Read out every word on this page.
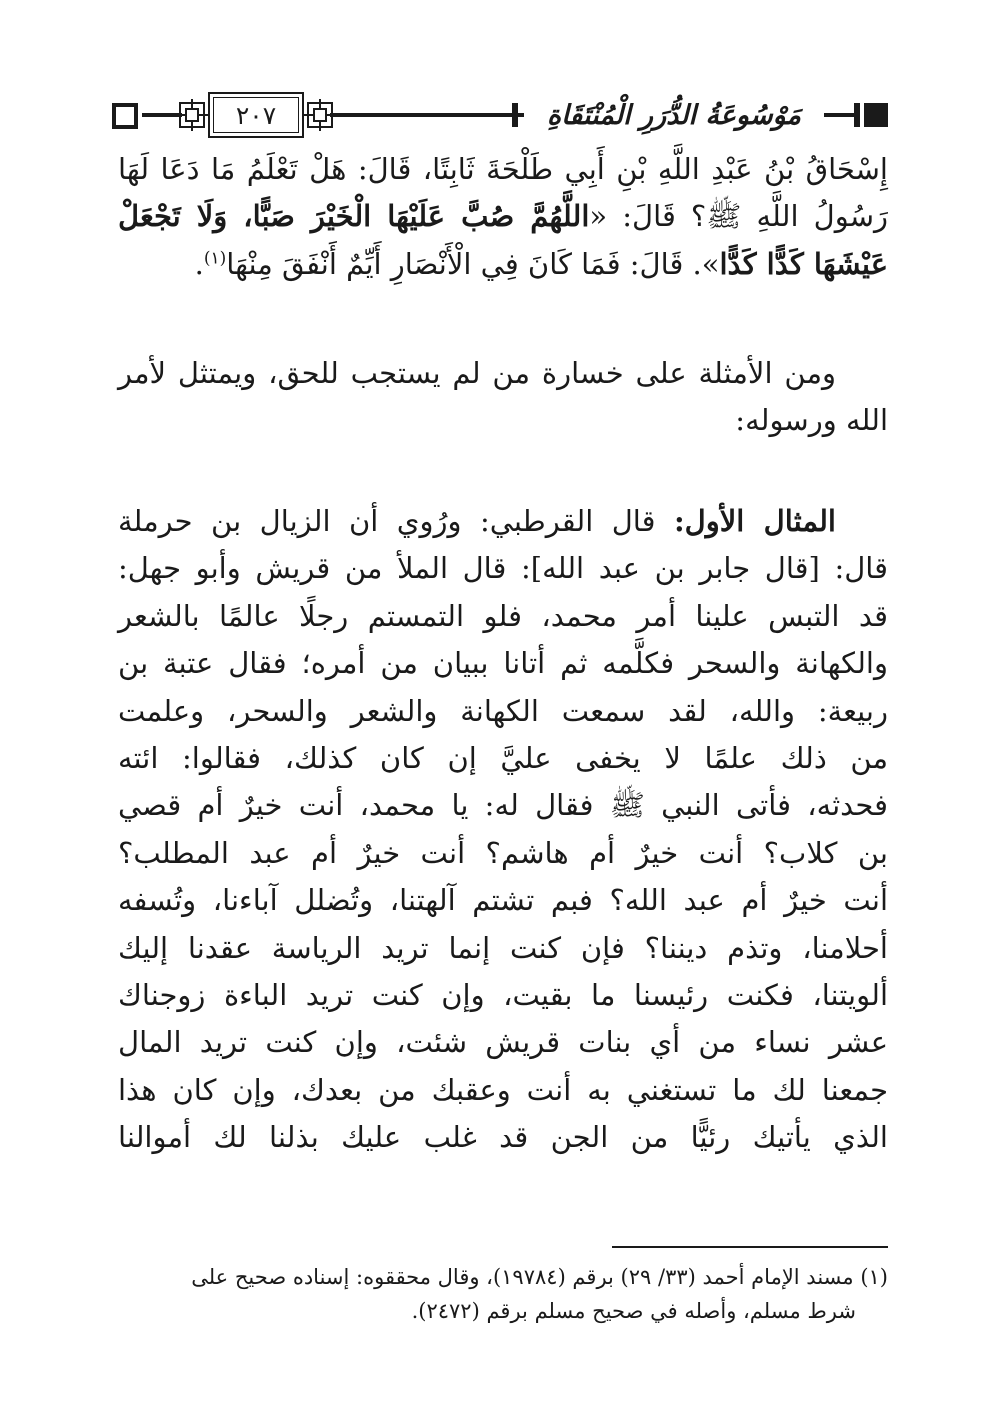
مَوْسُوعَةُ الدُّرَرِ الْمُنْتَقَاةِ
٢٠٧
إِسْحَاقُ بْنُ عَبْدِ اللَّهِ بْنِ أَبِي طَلْحَةَ ثَابِتًا، قَالَ: هَلْ تَعْلَمُ مَا دَعَا لَهَا
رَسُولُ اللَّهِ ﷺ؟ قَالَ: «اللَّهُمَّ صُبَّ عَلَيْهَا الْخَيْرَ صَبًّا، وَلَا تَجْعَلْ
عَيْشَهَا كَدًّا كَدًّا». قَالَ: فَمَا كَانَ فِي الْأَنْصَارِ أَيِّمٌ أَنْفَقَ مِنْهَا$^{(١)}$.
ومن الأمثلة على خسارة من لم يستجب للحق، ويمتثل لأمر
الله ورسوله:
المثال الأول: قال القرطبي: ورُوي أن الزيال بن حرملة
قال: [قال جابر بن عبد الله]: قال الملأ من قريش وأبو جهل:
قد التبس علينا أمر محمد، فلو التمستم رجلًا عالمًا بالشعر
والكهانة والسحر فكلَّمه ثم أتانا ببيان من أمره؛ فقال عتبة بن
ربيعة: والله، لقد سمعت الكهانة والشعر والسحر، وعلمت
من ذلك علمًا لا يخفى عليَّ إن كان كذلك، فقالوا: ائته
فحدثه، فأتى النبي ﷺ فقال له: يا محمد، أنت خيرٌ أم قصي
بن كلاب؟ أنت خيرٌ أم هاشم؟ أنت خيرٌ أم عبد المطلب؟
أنت خيرٌ أم عبد الله؟ فبم تشتم آلهتنا، وتُضلل آباءنا، وتُسفه
أحلامنا، وتذم ديننا؟ فإن كنت إنما تريد الرياسة عقدنا إليك
ألويتنا، فكنت رئيسنا ما بقيت، وإن كنت تريد الباءة زوجناك
عشر نساء من أي بنات قريش شئت، وإن كنت تريد المال
جمعنا لك ما تستغني به أنت وعقبك من بعدك، وإن كان هذا
الذي يأتيك رئيًّا من الجن قد غلب عليك بذلنا لك أموالنا
(١) مسند الإمام أحمد (٣٣/ ٢٩) برقم (١٩٧٨٤)، وقال محققوه: إسناده صحيح على
شرط مسلم، وأصله في صحيح مسلم برقم (٢٤٧٢).
